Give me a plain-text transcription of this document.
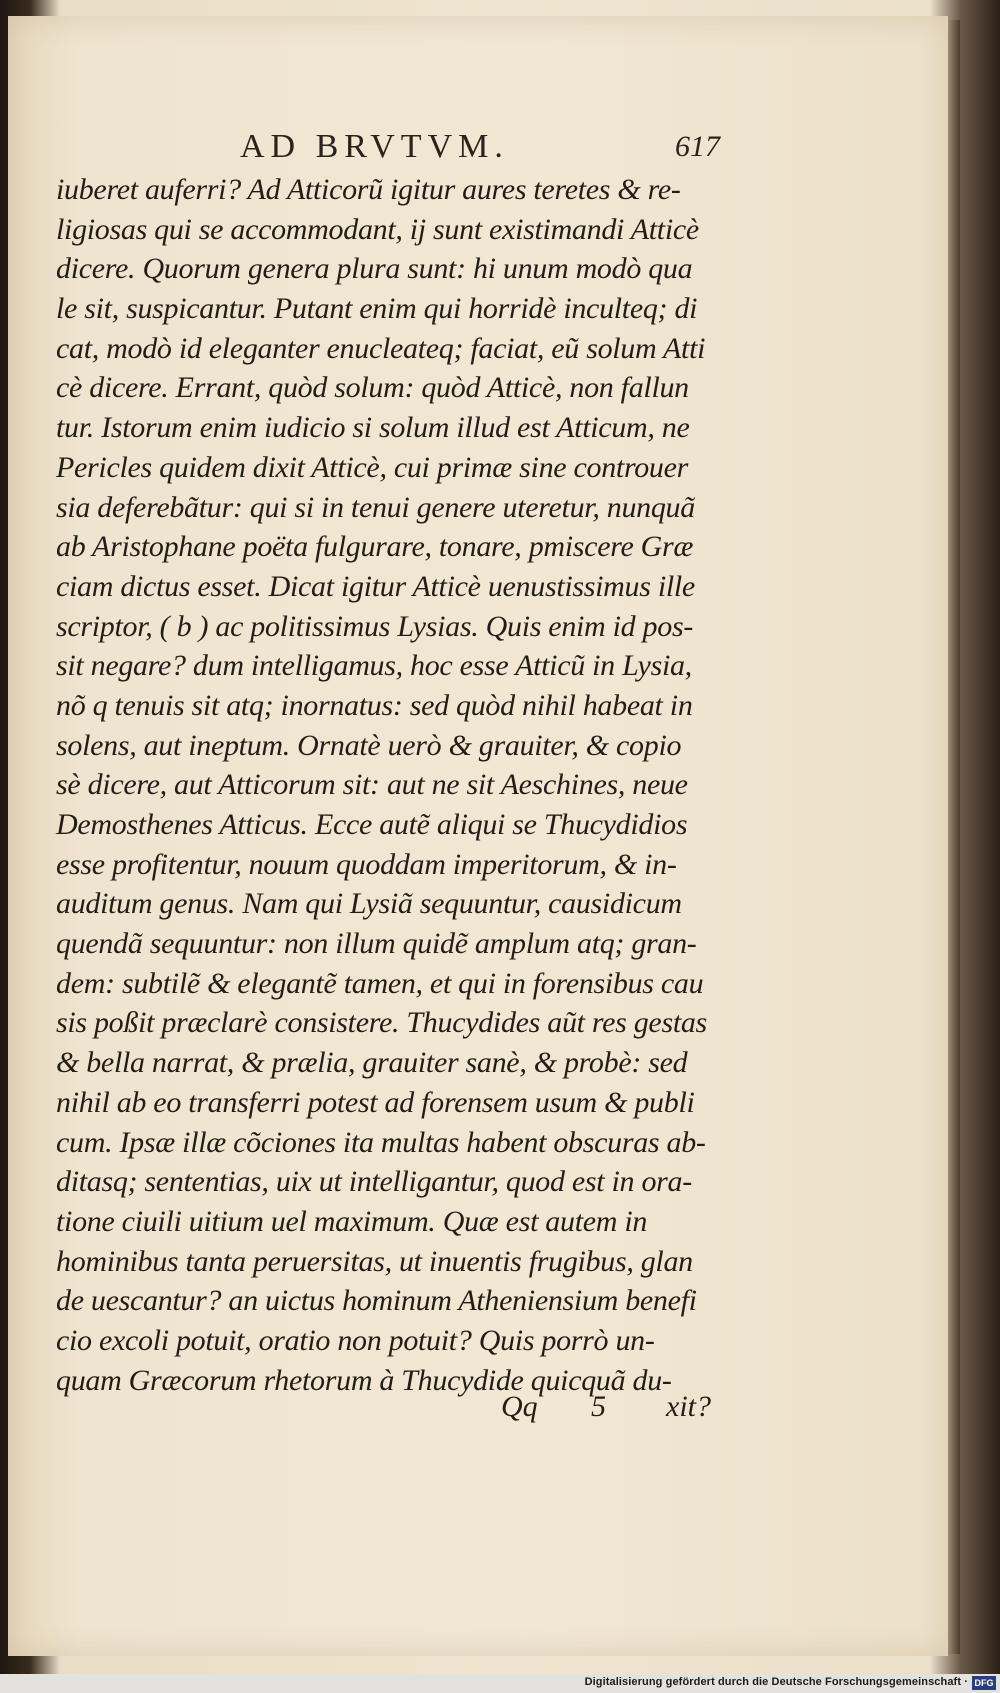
AD BRVTVM.	617
iuberet auferri? Ad Atticorũ igitur aures teretes & re-
ligiosas qui se accommodant, ij sunt existimandi Atticè
dicere. Quorum genera plura sunt: hi unum modò qua
le sit, suspicantur. Putant enim qui horridè inculteq; di
cat, modò id eleganter enucleateq; faciat, eũ solum Atti
cè dicere. Errant, quòd solum: quòd Atticè, non fallun
tur. Istorum enim iudicio si solum illud est Atticum, ne
Pericles quidem dixit Atticè, cui primæ sine controuer
sia deferebãtur: qui si in tenui genere uteretur, nunquã
ab Aristophane poëta fulgurare, tonare, pmiscere Græ
ciam dictus esset. Dicat igitur Atticè uenustissimus ille
scriptor, ( b ) ac politissimus Lysias. Quis enim id pos-
sit negare? dum intelligamus, hoc esse Atticũ in Lysia,
nõ q tenuis sit atq; inornatus: sed quòd nihil habeat in
solens, aut ineptum. Ornatè uerò & grauiter, & copio
sè dicere, aut Atticorum sit: aut ne sit Aeschines, neue
Demosthenes Atticus. Ecce autẽ aliqui se Thucydidios
esse profitentur, nouum quoddam imperitorum, & in-
auditum genus. Nam qui Lysiã sequuntur, causidicum
quendã sequuntur: non illum quidẽ amplum atq; gran-
dem: subtilẽ & elegantẽ tamen, et qui in forensibus cau
sis poßit præclarè consistere. Thucydides aũt res gestas
& bella narrat, & prælia, grauiter sanè, & probè: sed
nihil ab eo transferri potest ad forensem usum & publi
cum. Ipsæ illæ cõciones ita multas habent obscuras ab-
ditasq; sententias, uix ut intelligantur, quod est in ora-
tione ciuili uitium uel maximum. Quæ est autem in
hominibus tanta peruersitas, ut inuentis frugibus, glan
de uescantur? an uictus hominum Atheniensium benefi
cio excoli potuit, oratio non potuit? Quis porrò un-
quam Græcorum rhetorum à Thucydide quicquã du-
Qq 5 xit?
Digitalisierung gefördert durch die Deutsche Forschungsgemeinschaft · DFG
